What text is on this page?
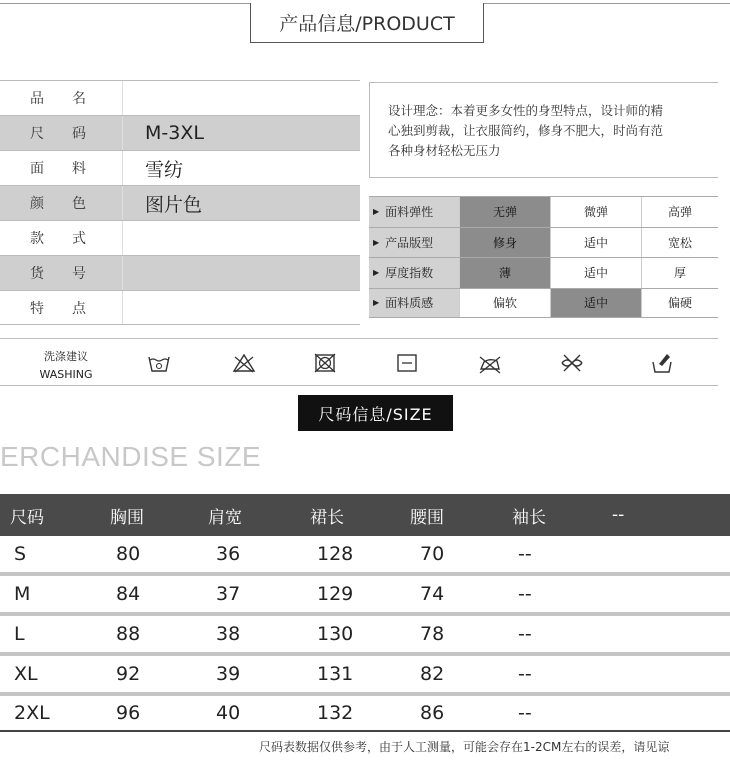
产品信息/PRODUCT
品名
尺码	M-3XL
面料	雪纺
颜色	图片色
款式
货号
特点
设计理念：本着更多女性的身型特点，设计师的精
心独到剪裁，让衣服简约，修身不肥大，时尚有范
各种身材轻松无压力
▶ 面料弹性	无弹	微弹	高弹
▶ 产品版型	修身	适中	宽松
▶ 厚度指数	薄	适中	厚
▶ 面料质感	偏软	适中	偏硬
洗涤建议
WASHING
尺码信息/SIZE
ERCHANDISE SIZE
尺码	胸围	肩宽	裙长	腰围	袖长	--
S	80	36	128	70	--
M	84	37	129	74	--
L	88	38	130	78	--
XL	92	39	131	82	--
2XL	96	40	132	86	--
尺码表数据仅供参考，由于人工测量，可能会存在1-2CM左右的误差，请见谅
